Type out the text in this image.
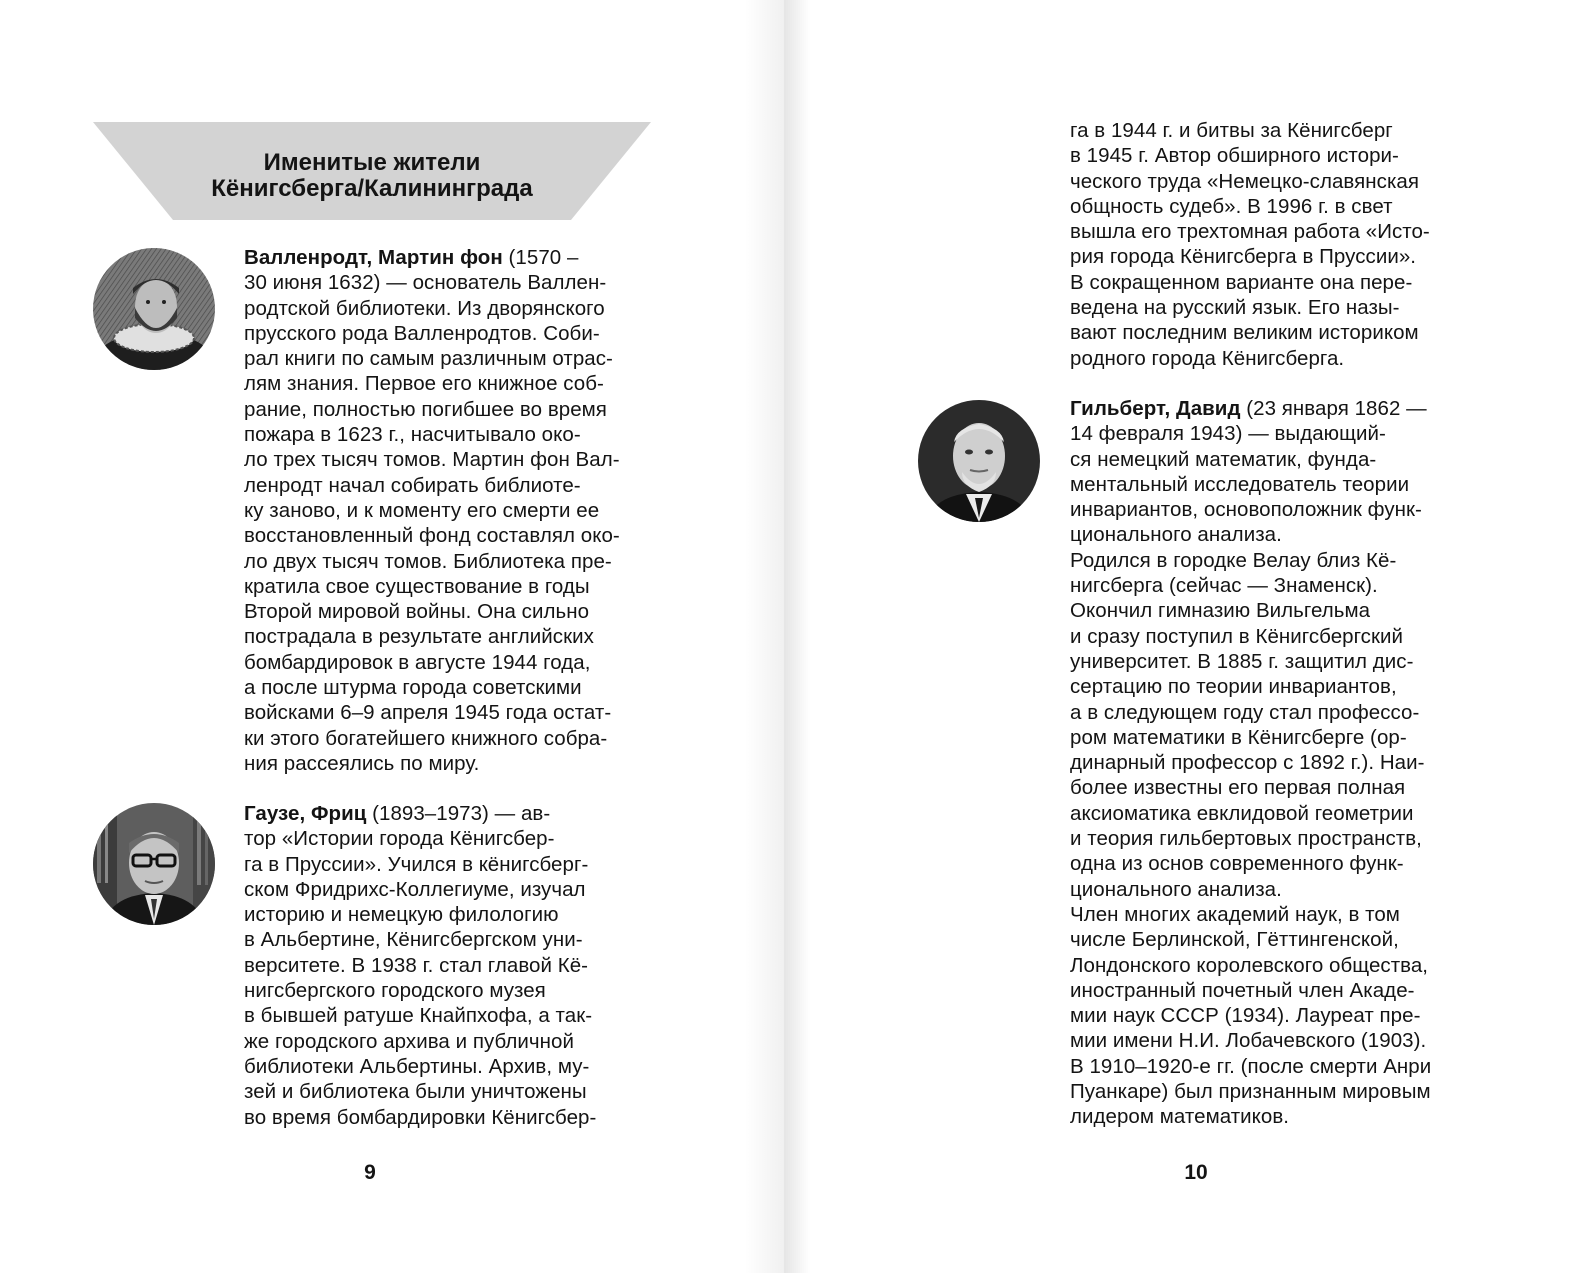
Именитые жители
Кёнигсберга/Калининграда
Валленродт, Мартин фон (1570 –
30 июня 1632) — основатель Валлен-
родтской библиотеки. Из дворянского
прусского рода Валленродтов. Соби-
рал книги по самым различным отрас-
лям знания. Первое его книжное соб-
рание, полностью погибшее во время
пожара в 1623 г., насчитывало око-
ло трех тысяч томов. Мартин фон Вал-
ленродт начал собирать библиоте-
ку заново, и к моменту его смерти ее
восстановленный фонд составлял око-
ло двух тысяч томов. Библиотека пре-
кратила свое существование в годы
Второй мировой войны. Она сильно
пострадала в результате английских
бомбардировок в августе 1944 года,
а после штурма города советскими
войсками 6–9 апреля 1945 года остат-
ки этого богатейшего книжного собра-
ния рассеялись по миру.
Гаузе, Фриц (1893–1973) — ав-
тор «Истории города Кёнигсбер-
га в Пруссии». Учился в кёнигсберг-
ском Фридрихс-Коллегиуме, изучал
историю и немецкую филологию
в Альбертине, Кёнигсбергском уни-
верситете. В 1938 г. стал главой Кё-
нигсбергского городского музея
в бывшей ратуше Кнайпхофа, а так-
же городского архива и публичной
библиотеки Альбертины. Архив, му-
зей и библиотека были уничтожены
во время бомбардировки Кёнигсбер-
9
га в 1944 г. и битвы за Кёнигсберг
в 1945 г. Автор обширного истори-
ческого труда «Немецко-славянская
общность судеб». В 1996 г. в свет
вышла его трехтомная работа «Исто-
рия города Кёнигсберга в Пруссии».
В сокращенном варианте она пере-
ведена на русский язык. Его назы-
вают последним великим историком
родного города Кёнигсберга.
Гильберт, Давид (23 января 1862 —
14 февраля 1943) — выдающий-
ся немецкий математик, фунда-
ментальный исследователь теории
инвариантов, основоположник функ-
ционального анализа.
Родился в городке Велау близ Кё-
нигсберга (сейчас — Знаменск).
Окончил гимназию Вильгельма
и сразу поступил в Кёнигсбергский
университет. В 1885 г. защитил дис-
сертацию по теории инвариантов,
а в следующем году стал профессо-
ром математики в Кёнигсберге (ор-
динарный профессор с 1892 г.). Наи-
более известны его первая полная
аксиоматика евклидовой геометрии
и теория гильбертовых пространств,
одна из основ современного функ-
ционального анализа.
Член многих академий наук, в том
числе Берлинской, Гёттингенской,
Лондонского королевского общества,
иностранный почетный член Акаде-
мии наук СССР (1934). Лауреат пре-
мии имени Н.И. Лобачевского (1903).
В 1910–1920-е гг. (после смерти Анри
Пуанкаре) был признанным мировым
лидером математиков.
10
